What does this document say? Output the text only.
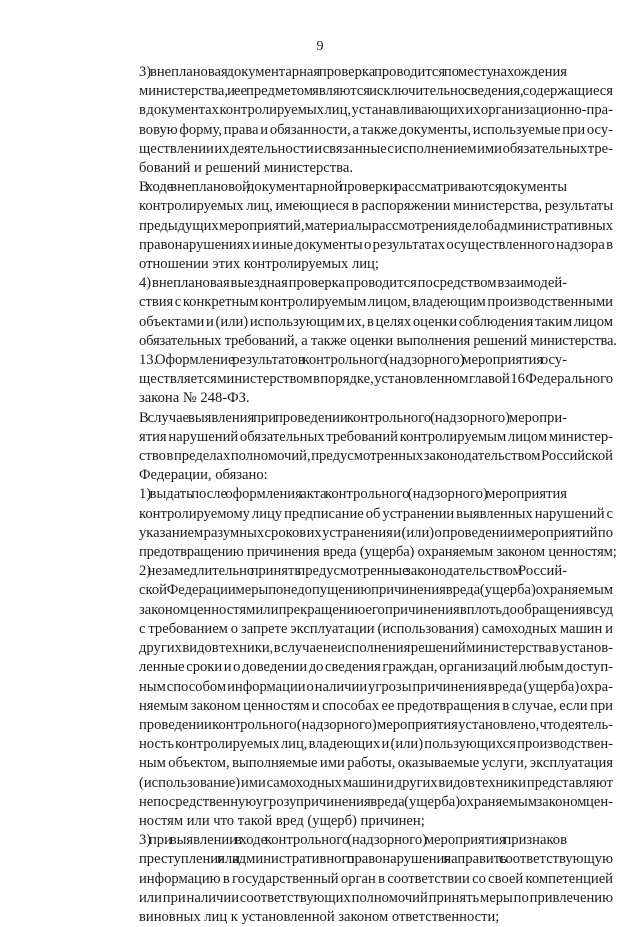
9

3) внеплановая документарная проверка проводится по месту нахождения
министерства, и ее предметом являются исключительно сведения, содержащиеся
в документах контролируемых лиц, устанавливающих их организационно-пра-
вовую форму, права и обязанности, а также документы, используемые при осу-
ществлении их деятельности и связанные с исполнением ими обязательных тре-
бований и решений министерства.

В ходе внеплановой документарной проверки рассматриваются документы
контролируемых лиц, имеющиеся в распоряжении министерства, результаты
предыдущих мероприятий, материалы рассмотрения дел об административных
правонарушениях и иные документы о результатах осуществленного надзора в
отношении этих контролируемых лиц;

4) внеплановая выездная проверка проводится посредством взаимодей-
ствия с конкретным контролируемым лицом, владеющим производственными
объектами и (или) использующим их, в целях оценки соблюдения таким лицом
обязательных требований, а также оценки выполнения решений министерства.

13. Оформление результатов контрольного (надзорного) мероприятия осу-
ществляется министерством в порядке, установленном главой 16 Федерального
закона № 248-ФЗ.

В случае выявления при проведении контрольного (надзорного) меропри-
ятия нарушений обязательных требований контролируемым лицом министер-
ство в пределах полномочий, предусмотренных законодательством Российской
Федерации, обязано:

1) выдать после оформления акта контрольного (надзорного) мероприятия
контролируемому лицу предписание об устранении выявленных нарушений с
указанием разумных сроков их устранения и (или) о проведении мероприятий по
предотвращению причинения вреда (ущерба) охраняемым законом ценностям;

2) незамедлительно принять предусмотренные законодательством Россий-
ской Федерации меры по недопущению причинения вреда (ущерба) охраняемым
законом ценностям или прекращению его причинения вплоть до обращения в суд
с требованием о запрете эксплуатации (использования) самоходных машин и
других видов техники, в случае неисполнения решений министерства в установ-
ленные сроки и о доведении до сведения граждан, организаций любым доступ-
ным способом информации о наличии угрозы причинения вреда (ущерба) охра-
няемым законом ценностям и способах ее предотвращения в случае, если при
проведении контрольного (надзорного) мероприятия установлено, что деятель-
ность контролируемых лиц, владеющих и (или) пользующихся производствен-
ным объектом, выполняемые ими работы, оказываемые услуги, эксплуатация
(использование) ими самоходных машин и других видов техники представляют
непосредственную угрозу причинения вреда (ущерба) охраняемым законом цен-
ностям или что такой вред (ущерб) причинен;

3) при выявлении в ходе контрольного (надзорного) мероприятия признаков
преступления или административного правонарушения направить соответствующую
информацию в государственный орган в соответствии со своей компетенцией
или при наличии соответствующих полномочий принять меры по привлечению
виновных лиц к установленной законом ответственности;
